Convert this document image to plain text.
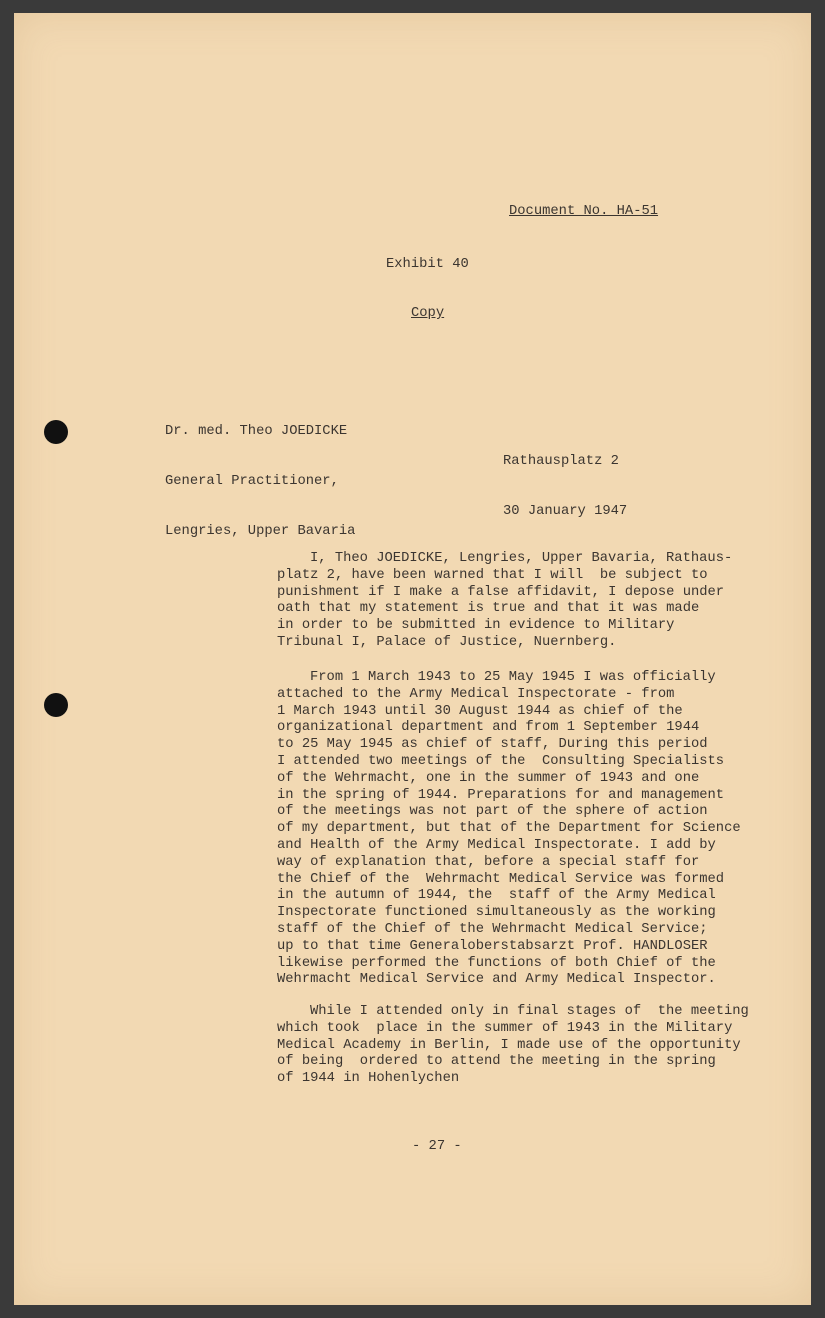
Document No. HA-51
Exhibit 40
Copy

Dr. med. Theo JOEDICKE

General Practitioner,

Lengries, Upper Bavaria

Rathausplatz 2

30 January 1947

I, Theo JOEDICKE, Lengries, Upper Bavaria, Rathaus-
platz 2, have been warned that I will  be subject to
punishment if I make a false affidavit, I depose under
oath that my statement is true and that it was made
in order to be submitted in evidence to Military
Tribunal I, Palace of Justice, Nuernberg.
From 1 March 1943 to 25 May 1945 I was officially
attached to the Army Medical Inspectorate - from
1 March 1943 until 30 August 1944 as chief of the
organizational department and from 1 September 1944
to 25 May 1945 as chief of staff, During this period
I attended two meetings of the  Consulting Specialists
of the Wehrmacht, one in the summer of 1943 and one
in the spring of 1944. Preparations for and management
of the meetings was not part of the sphere of action
of my department, but that of the Department for Science
and Health of the Army Medical Inspectorate. I add by
way of explanation that, before a special staff for
the Chief of the  Wehrmacht Medical Service was formed
in the autumn of 1944, the  staff of the Army Medical
Inspectorate functioned simultaneously as the working
staff of the Chief of the Wehrmacht Medical Service;
up to that time Generaloberstabsarzt Prof. HANDLOSER
likewise performed the functions of both Chief of the
Wehrmacht Medical Service and Army Medical Inspector.
While I attended only in final stages of  the meeting
which took  place in the summer of 1943 in the Military
Medical Academy in Berlin, I made use of the opportunity
of being  ordered to attend the meeting in the spring
of 1944 in Hohenlychen
- 27 -
